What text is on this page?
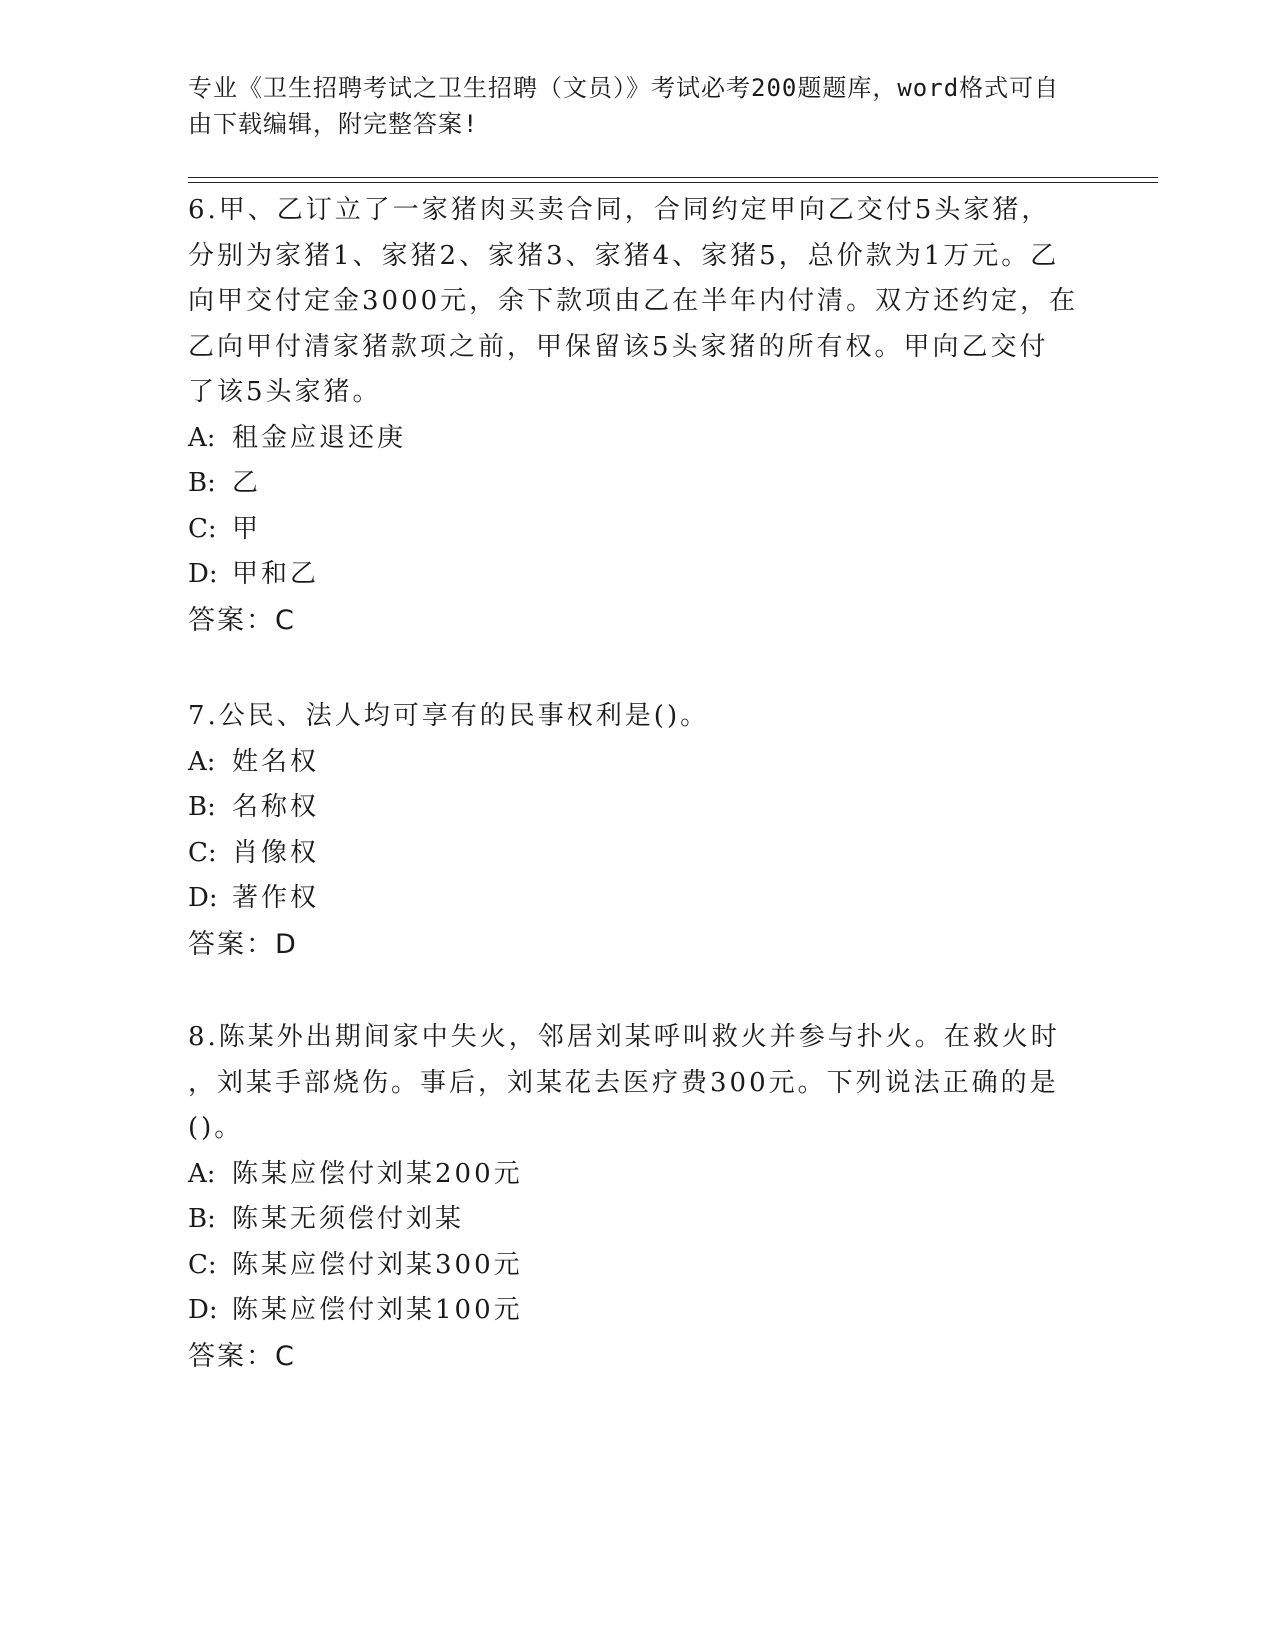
专业《卫生招聘考试之卫生招聘（文员）》考试必考200题题库，word格式可自
由下载编辑，附完整答案!

6.甲、乙订立了一家猪肉买卖合同，合同约定甲向乙交付5头家猪，

分别为家猪1、家猪2、家猪3、家猪4、家猪5，总价款为1万元。乙

向甲交付定金3000元，余下款项由乙在半年内付清。双方还约定，在

乙向甲付清家猪款项之前，甲保留该5头家猪的所有权。甲向乙交付

了该5头家猪。

A: 租金应退还庚

B: 乙

C: 甲

D: 甲和乙

答案：C

7.公民、法人均可享有的民事权利是()。

A: 姓名权

B: 名称权

C: 肖像权

D: 著作权

答案：D

8.陈某外出期间家中失火，邻居刘某呼叫救火并参与扑火。在救火时

，刘某手部烧伤。事后，刘某花去医疗费300元。下列说法正确的是

()。

A: 陈某应偿付刘某200元

B: 陈某无须偿付刘某

C: 陈某应偿付刘某300元

D: 陈某应偿付刘某100元

答案：C
